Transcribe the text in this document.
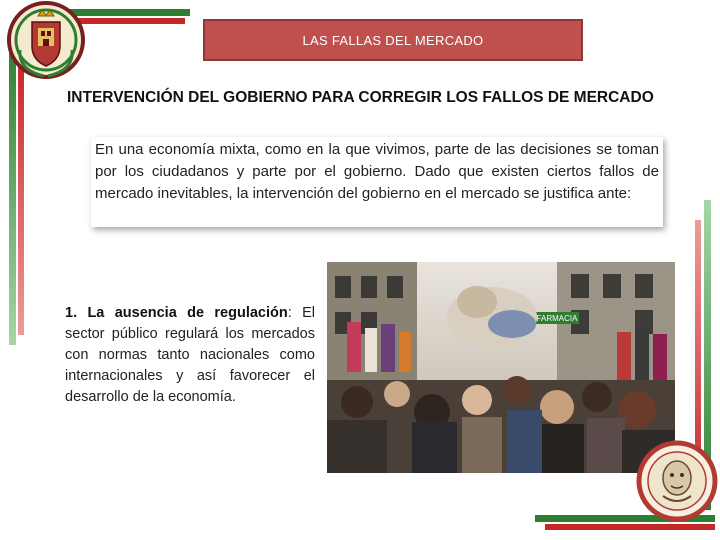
LAS FALLAS DEL MERCADO
INTERVENCIÓN DEL GOBIERNO PARA CORREGIR LOS FALLOS DE MERCADO

En una economía mixta, como en la que vivimos, parte de las decisiones se toman por los ciudadanos y parte por el gobierno. Dado que existen ciertos fallos de mercado inevitables, la intervención del gobierno en el mercado se justifica ante:

1. La ausencia de regulación: El sector público regulará los mercados con normas tanto nacionales como internacionales y así favorecer el desarrollo de la economía.
FARMACIA
